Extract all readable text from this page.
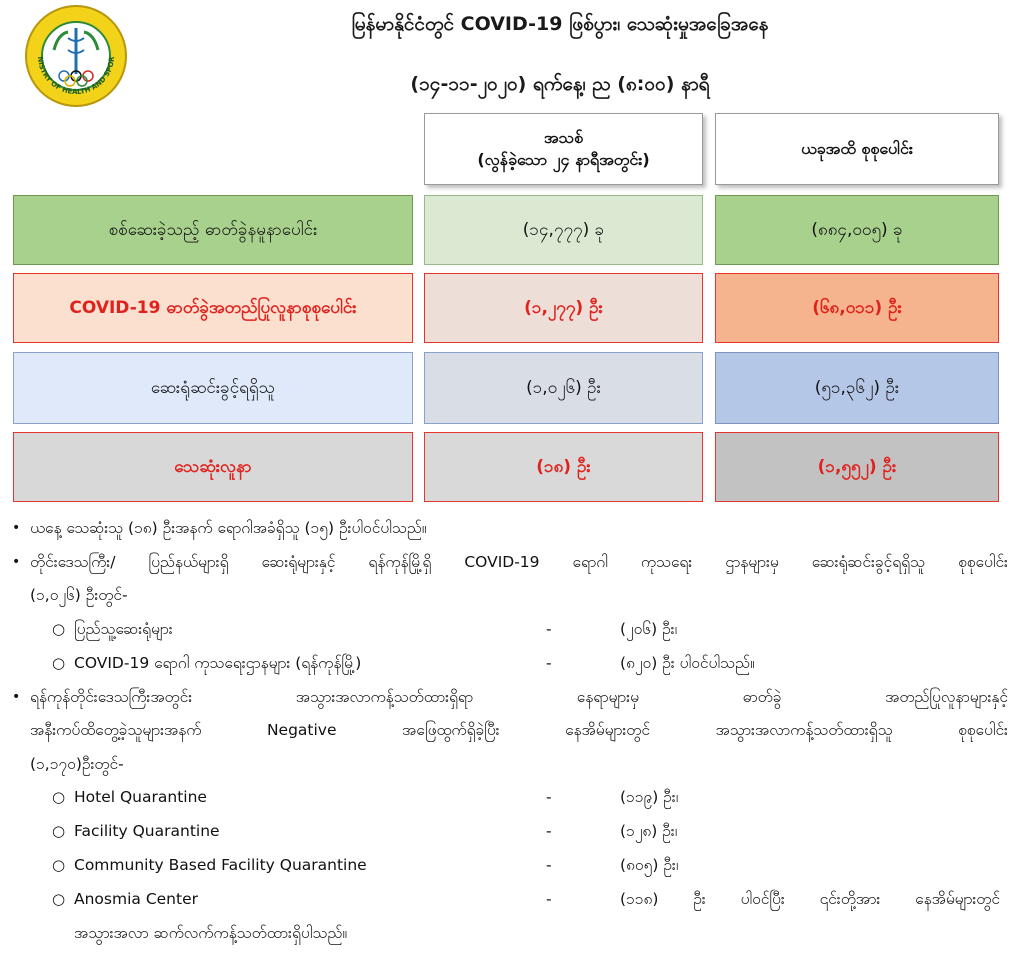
NISTRY OF HEALTH AND SPOR
မြန်မာနိုင်ငံတွင် COVID-19 ဖြစ်ပွား၊ သေဆုံးမှုအခြေအနေ
(၁၄-၁၁-၂၀၂၀) ရက်နေ့၊ ည (၈:၀၀) နာရီ
အသစ်
(လွန်ခဲ့သော ၂၄ နာရီအတွင်း)
ယခုအထိ စုစုပေါင်း
စစ်ဆေးခဲ့သည့် ဓာတ်ခွဲနမူနာပေါင်း	(၁၄,၇၇၇) ခု	(၈၈၄,၀၀၅) ခု
COVID-19 ဓာတ်ခွဲအတည်ပြုလူနာစုစုပေါင်း	(၁,၂၇၇) ဦး	(၆၈,၀၁၁) ဦး
ဆေးရုံဆင်းခွင့်ရရှိသူ	(၁,၀၂၆) ဦး	(၅၁,၃၆၂) ဦး
သေဆုံးလူနာ	(၁၈) ဦး	(၁,၅၅၂) ဦး
• ယနေ့ သေဆုံးသူ (၁၈) ဦးအနက် ရောဂါအခံရှိသူ (၁၅) ဦးပါဝင်ပါသည်။
• တိုင်းဒေသကြီး/ ပြည်နယ်များရှိ ဆေးရုံများနှင့် ရန်ကုန်မြို့ရှိ COVID-19 ရောဂါ ကုသရေး ဌာနများမှ ဆေးရုံဆင်းခွင့်ရရှိသူ စုစုပေါင်း
(၁,၀၂၆) ဦးတွင်-
○ ပြည်သူ့ဆေးရုံများ	-	(၂၀၆) ဦး၊
○ COVID-19 ရောဂါ ကုသရေးဌာနများ (ရန်ကုန်မြို့)	-	(၈၂၀) ဦး ပါဝင်ပါသည်။
• ရန်ကုန်တိုင်းဒေသကြီးအတွင်း အသွားအလာကန့်သတ်ထားရှိရာ နေရာများမှ ဓာတ်ခွဲ အတည်ပြုလူနာများနှင့်
အနီးကပ်ထိတွေ့ခဲ့သူများအနက် Negative အဖြေထွက်ရှိခဲ့ပြီး နေအိမ်များတွင် အသွားအလာကန့်သတ်ထားရှိသူ စုစုပေါင်း
(၁,၁၇၀)ဦးတွင်-
○ Hotel Quarantine	-	(၁၁၉) ဦး၊
○ Facility Quarantine	-	(၁၂၈) ဦး၊
○ Community Based Facility Quarantine	-	(၈၀၅) ဦး၊
○ Anosmia Center	-	(၁၁၈) ဦး ပါဝင်ပြီး ၎င်းတို့အား နေအိမ်များတွင်
အသွားအလာ ဆက်လက်ကန့်သတ်ထားရှိပါသည်။
